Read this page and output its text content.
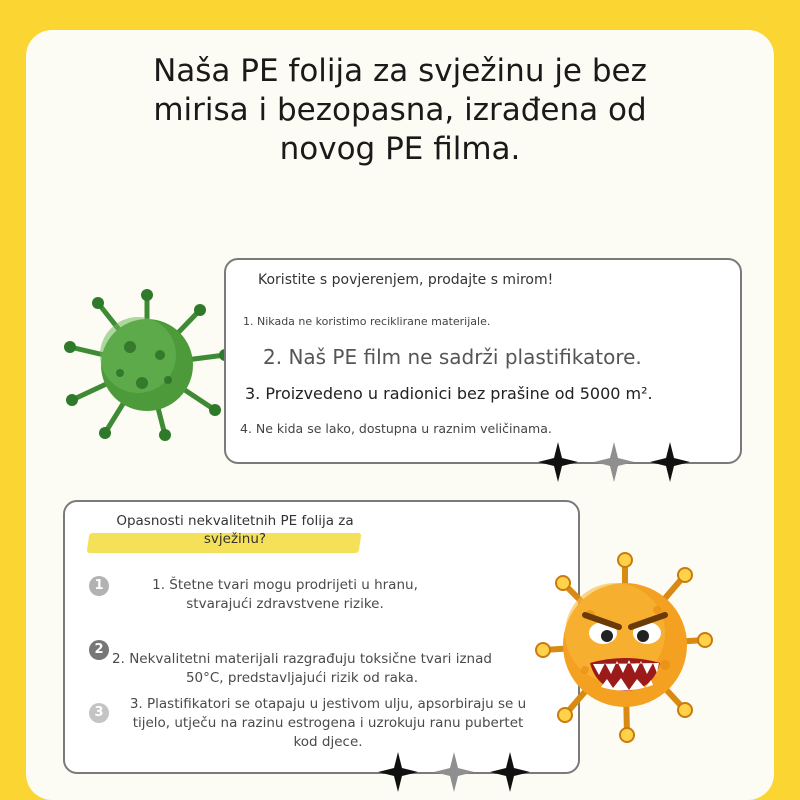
Naša PE folija za svježinu je bez
mirisa i bezopasna, izrađena od
novog PE filma.
Koristite s povjerenjem, prodajte s mirom!
1. Nikada ne koristimo reciklirane materijale.
2. Naš PE film ne sadrži plastifikatore.
3. Proizvedeno u radionici bez prašine od 5000 m².
4. Ne kida se lako, dostupna u raznim veličinama.
Opasnosti nekvalitetnih PE folija za svježinu?
1
2
3
1. Štetne tvari mogu prodrijeti u hranu, stvarajući zdravstvene rizike.
2. Nekvalitetni materijali razgrađuju toksične tvari iznad 50°C, predstavljajući rizik od raka.
3. Plastifikatori se otapaju u jestivom ulju, apsorbiraju se u tijelo, utječu na razinu estrogena i uzrokuju ranu pubertet kod djece.
